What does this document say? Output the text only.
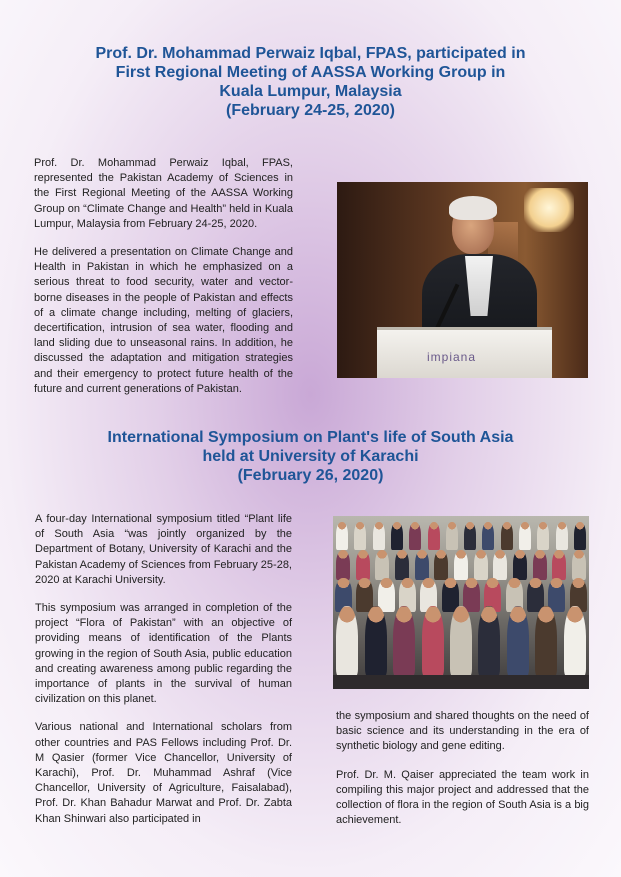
Prof. Dr. Mohammad Perwaiz Iqbal, FPAS, participated in
First Regional Meeting of AASSA Working Group in
Kuala Lumpur, Malaysia
(February 24-25, 2020)

Prof. Dr. Mohammad Perwaiz Iqbal, FPAS, represented the Pakistan Academy of Sciences in the First Regional Meeting of the AASSA Working Group on “Climate Change and Health” held in Kuala Lumpur, Malaysia from February 24-25, 2020.

He delivered a presentation on Climate Change and Health in Pakistan in which he emphasized on a serious threat to food security, water and vector-borne diseases in the people of Pakistan and effects of a climate change including, melting of glaciers, decertification, intrusion of sea water, flooding and land sliding due to unseasonal rains. In addition, he discussed the adaptation and mitigation strategies and their emergency to protect future health of the future and current generations of Pakistan.

impiana
International Symposium on Plant's life of South Asia
held at University of Karachi
(February 26, 2020)

A four-day International symposium titled “Plant life of South Asia “was jointly organized by the Department of Botany, University of Karachi and the Pakistan Academy of Sciences from February 25-28, 2020 at Karachi University.

This symposium was arranged in completion of the project “Flora of Pakistan” with an objective of providing means of identification of the Plants growing in the region of South Asia, public education and creating awareness among public regarding the importance of plants in the survival of human civilization on this planet.

Various national and International scholars from other countries and PAS Fellows including Prof. Dr. M Qasier (former Vice Chancellor, University of Karachi), Prof. Dr. Muhammad Ashraf (Vice Chancellor, University of Agriculture, Faisalabad), Prof. Dr. Khan Bahadur Marwat and Prof. Dr. Zabta Khan Shinwari also participated in

the symposium and shared thoughts on the need of basic science and its understanding in the era of synthetic biology and gene editing.

Prof. Dr. M. Qaiser appreciated the team work in compiling this major project and addressed that the collection of flora in the region of South Asia is a big achievement.
